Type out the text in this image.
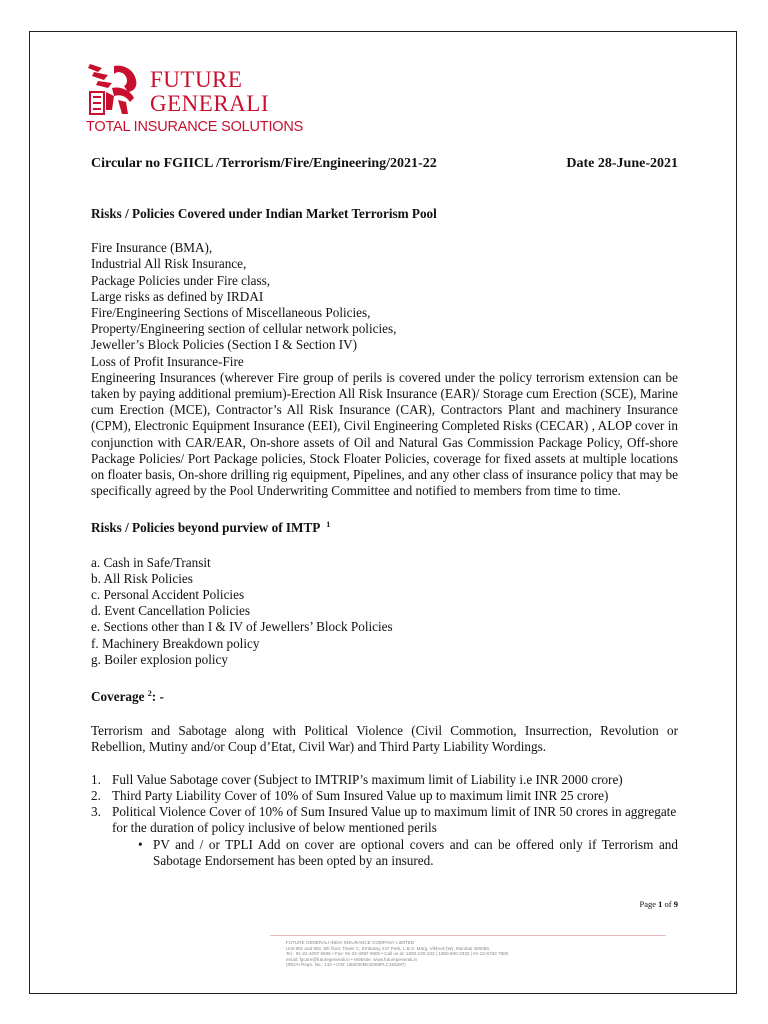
FUTURE
GENERALI
TOTAL INSURANCE SOLUTIONS
Circular no FGIICL /Terrorism/Fire/Engineering/2021-22	Date 28-June-2021
Risks / Policies Covered under Indian Market Terrorism Pool
Fire Insurance (BMA),
Industrial All Risk Insurance,
Package Policies under Fire class,
Large risks as defined by IRDAI
Fire/Engineering Sections of Miscellaneous Policies,
Property/Engineering section of cellular network policies,
Jeweller’s Block Policies (Section I & Section IV)
Loss of Profit Insurance-Fire
Engineering Insurances (wherever Fire group of perils is covered under the policy terrorism extension can be taken by paying additional premium)-Erection All Risk Insurance (EAR)/ Storage cum Erection (SCE), Marine cum Erection (MCE), Contractor’s All Risk Insurance (CAR), Contractors Plant and machinery Insurance (CPM), Electronic Equipment Insurance (EEI), Civil Engineering Completed Risks (CECAR) , ALOP cover in conjunction with CAR/EAR, On-shore assets of Oil and Natural Gas Commission Package Policy, Off-shore Package Policies/ Port Package policies, Stock Floater Policies, coverage for fixed assets at multiple locations on floater basis, On-shore drilling rig equipment, Pipelines, and any other class of insurance policy that may be specifically agreed by the Pool Underwriting Committee and notified to members from time to time.
Risks / Policies beyond purview of IMTP $^1$
a. Cash in Safe/Transit
b. All Risk Policies
c. Personal Accident Policies
d. Event Cancellation Policies
e. Sections other than I & IV of Jewellers’ Block Policies
f. Machinery Breakdown policy
g. Boiler explosion policy
Coverage $^2$: -
Terrorism and Sabotage along with Political Violence (Civil Commotion, Insurrection, Revolution or Rebellion, Mutiny and/or Coup d’Etat, Civil War) and Third Party Liability Wordings.
1. Full Value Sabotage cover (Subject to IMTRIP’s maximum limit of Liability i.e INR 2000 crore)
2. Third Party Liability Cover of 10% of Sum Insured Value up to maximum limit INR 25 crore)
3. Political Violence Cover of 10% of Sum Insured Value up to maximum limit of INR 50 crores in aggregate for the duration of policy inclusive of below mentioned perils
• PV and / or TPLI Add on cover are optional covers and can be offered only if Terrorism and Sabotage Endorsement has been opted by an insured.
Page 1 of 9
FUTURE GENERALI INDIA INSURANCE COMPANY LIMITED
Unit 801 and 802, 8th floor, Tower C, Embassy 247 Park, L.B.S. Marg, Vikhroli (W), Mumbai 400083.
Tel.: 91-22-4097 6666 • Fax: 91-22-4097 6900 • Call us at: 1800-220-233 | 1860-500-3333 | 91-22-6783 7800
email: fgcare@futuregenerali.in • Website: www.futuregenerali.in
(IRDAI Regn. No.: 132 • CIN: U66030MH2006PLC165287)
